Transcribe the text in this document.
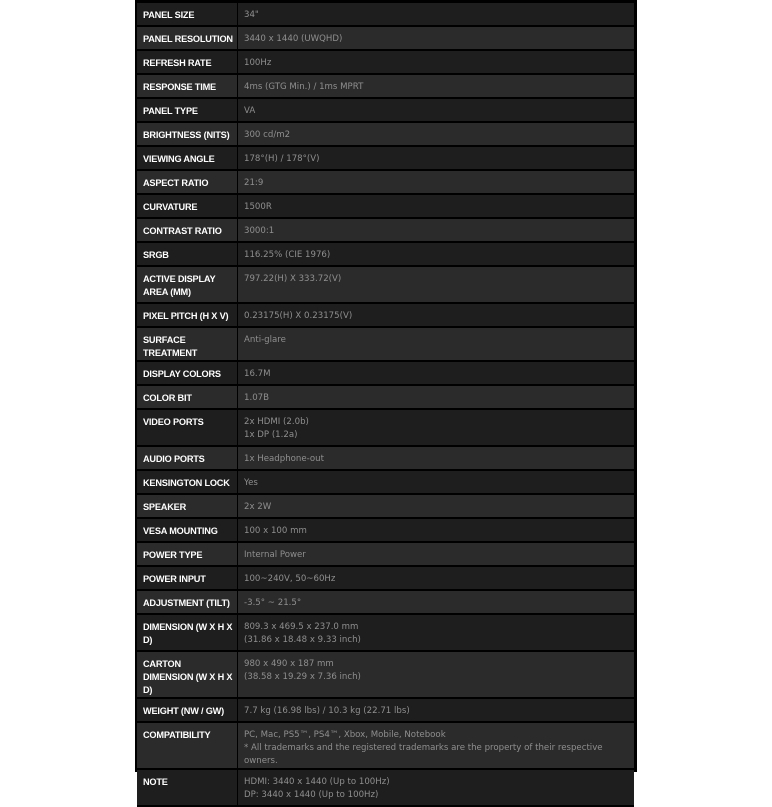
PANEL SIZE	34"
PANEL RESOLUTION	3440 x 1440 (UWQHD)
REFRESH RATE	100Hz
RESPONSE TIME	4ms (GTG Min.) / 1ms MPRT
PANEL TYPE	VA
BRIGHTNESS (NITS)	300 cd/m2
VIEWING ANGLE	178°(H) / 178°(V)
ASPECT RATIO	21:9
CURVATURE	1500R
CONTRAST RATIO	3000:1
SRGB	116.25% (CIE 1976)
ACTIVE DISPLAY AREA (MM)	797.22(H) X 333.72(V)
PIXEL PITCH (H X V)	0.23175(H) X 0.23175(V)
SURFACE TREATMENT	Anti-glare
DISPLAY COLORS	16.7M
COLOR BIT	1.07B
VIDEO PORTS	2x HDMI (2.0b)
1x DP (1.2a)
AUDIO PORTS	1x Headphone-out
KENSINGTON LOCK	Yes
SPEAKER	2x 2W
VESA MOUNTING	100 x 100 mm
POWER TYPE	Internal Power
POWER INPUT	100~240V, 50~60Hz
ADJUSTMENT (TILT)	-3.5° ~ 21.5°
DIMENSION (W X H X D)	809.3 x 469.5 x 237.0 mm
(31.86 x 18.48 x 9.33 inch)
CARTON DIMENSION (W X H X D)	980 x 490 x 187 mm
(38.58 x 19.29 x 7.36 inch)
WEIGHT (NW / GW)	7.7 kg (16.98 lbs) / 10.3 kg (22.71 lbs)
COMPATIBILITY	PC, Mac, PS5™, PS4™, Xbox, Mobile, Notebook
* All trademarks and the registered trademarks are the property of their respective owners.
NOTE	HDMI: 3440 x 1440 (Up to 100Hz)
DP: 3440 x 1440 (Up to 100Hz)
